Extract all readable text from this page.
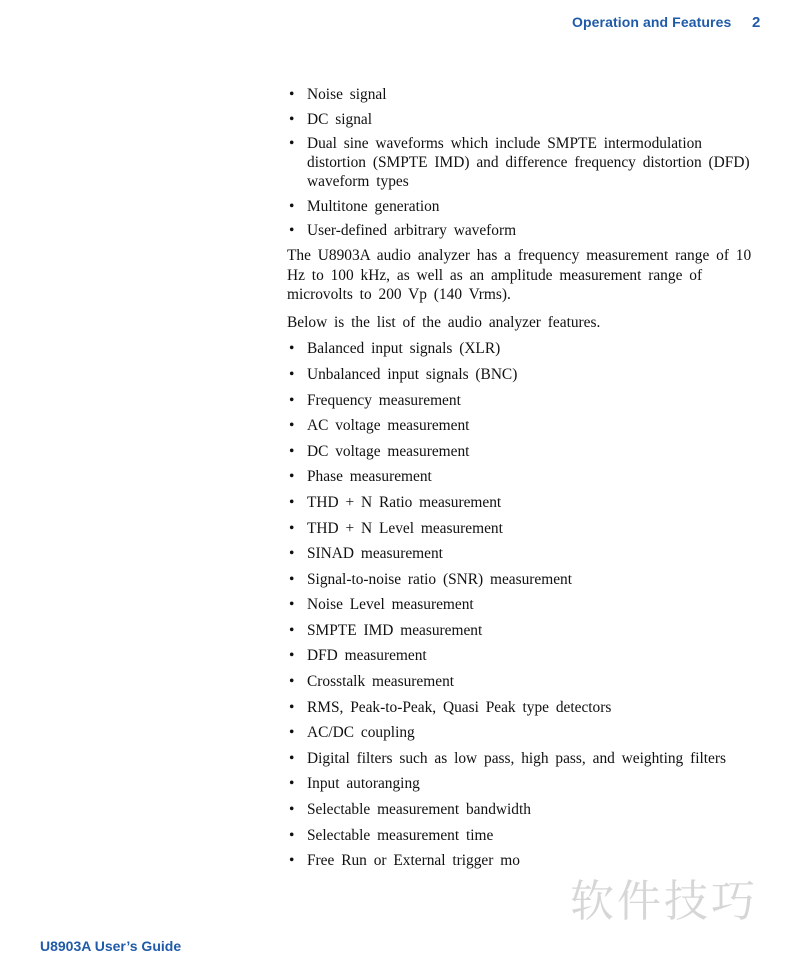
Operation and Features 2
• Noise signal
• DC signal
• Dual sine waveforms which include SMPTE intermodulation distortion (SMPTE IMD) and difference frequency distortion (DFD) waveform types
• Multitone generation
• User-defined arbitrary waveform

The U8903A audio analyzer has a frequency measurement range of 10 Hz to 100 kHz, as well as an amplitude measurement range of microvolts to 200 Vp (140 Vrms).

Below is the list of the audio analyzer features.

• Balanced input signals (XLR)
• Unbalanced input signals (BNC)
• Frequency measurement
• AC voltage measurement
• DC voltage measurement
• Phase measurement
• THD + N Ratio measurement
• THD + N Level measurement
• SINAD measurement
• Signal-to-noise ratio (SNR) measurement
• Noise Level measurement
• SMPTE IMD measurement
• DFD measurement
• Crosstalk measurement
• RMS, Peak-to-Peak, Quasi Peak type detectors
• AC/DC coupling
• Digital filters such as low pass, high pass, and weighting filters
• Input autoranging
• Selectable measurement bandwidth
• Selectable measurement time
• Free Run or External trigger mo
软件技巧
U8903A User’s Guide
